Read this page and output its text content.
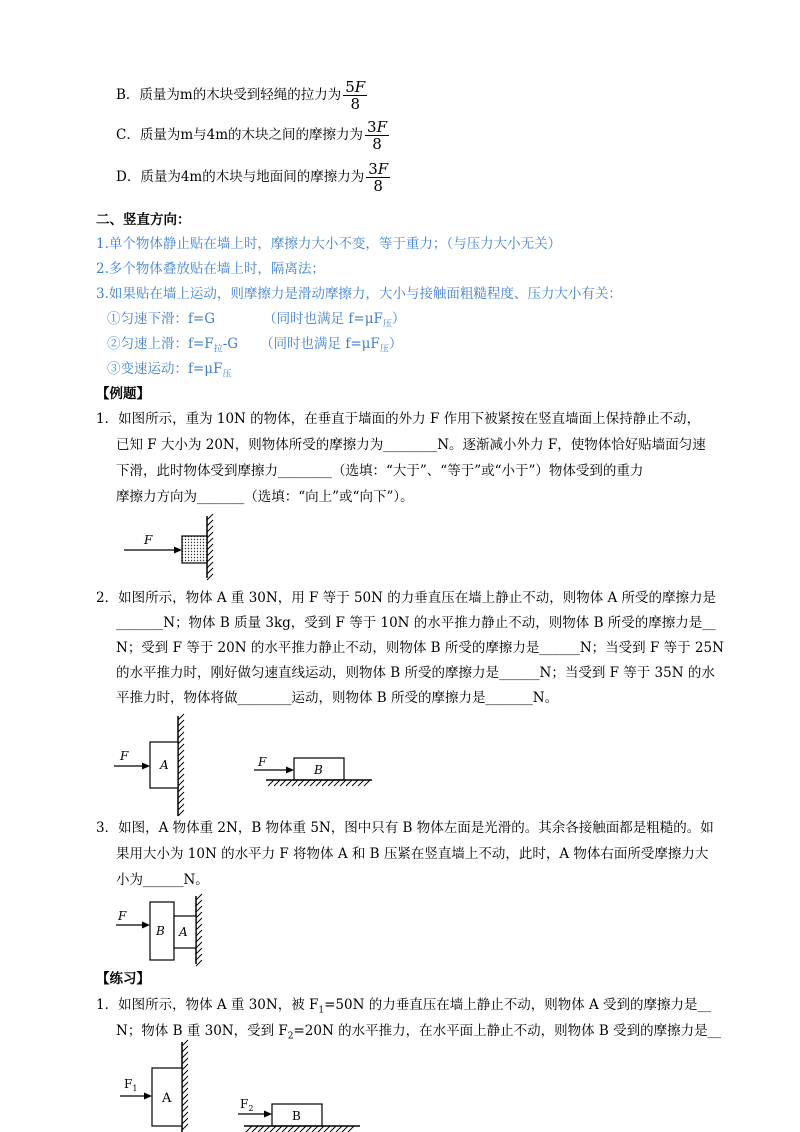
B．质量为m的木块受到轻绳的拉力为 $\frac{5F}{8}$
C．质量为m与4m的木块之间的摩擦力为 $\frac{3F}{8}$
D．质量为4m的木块与地面间的摩擦力为 $\frac{3F}{8}$
二、竖直方向：
1.单个物体静止贴在墙上时，摩擦力大小不变，等于重力；（与压力大小无关）
2.多个物体叠放贴在墙上时，隔离法；
3.如果贴在墙上运动，则摩擦力是滑动摩擦力，大小与接触面粗糙程度、压力大小有关：
①匀速下滑：f=G	（同时也满足 $f=\mu F_压$）
②匀速上滑：$f=F_拉-G$ （同时也满足 $f=\mu F_压$）
③变速运动：$f=\mu F_压$
【例题】
1．如图所示，重为 10N 的物体，在垂直于墙面的外力 F 作用下被紧按在竖直墙面上保持静止不动，
已知 F 大小为 20N，则物体所受的摩擦力为________N。逐渐减小外力 F，使物体恰好贴墙面匀速
下滑，此时物体受到摩擦力________（选填：“大于”、“等于”或“小于”）物体受到的重力
摩擦力方向为_______（选填：“向上”或“向下”）。
F
2．如图所示，物体 A 重 30N，用 F 等于 50N 的力垂直压在墙上静止不动，则物体 A 所受的摩擦力是
_______N；物体 B 质量 3kg，受到 F 等于 10N 的水平推力静止不动，则物体 B 所受的摩擦力是__
N；受到 F 等于 20N 的水平推力静止不动，则物体 B 所受的摩擦力是______N；当受到 F 等于 25N
的水平推力时，刚好做匀速直线运动，则物体 B 所受的摩擦力是______N；当受到 F 等于 35N 的水
平推力时，物体将做________运动，则物体 B 所受的摩擦力是_______N。
A
F
B
F
3．如图，A 物体重 2N，B 物体重 5N，图中只有 B 物体左面是光滑的。其余各接触面都是粗糙的。如
果用大小为 10N 的水平力 F 将物体 A 和 B 压紧在竖直墙上不动，此时，A 物体右面所受摩擦力大
小为______N。
B A
F
【练习】
1．如图所示，物体 A 重 30N，被 $F_1=50N$ 的力垂直压在墙上静止不动，则物体 A 受到的摩擦力是__
N；物体 B 重 30N，受到 $F_2=20N$ 的水平推力，在水平面上静止不动，则物体 B 受到的摩擦力是__
A
$F_1$
B
$F_2$
